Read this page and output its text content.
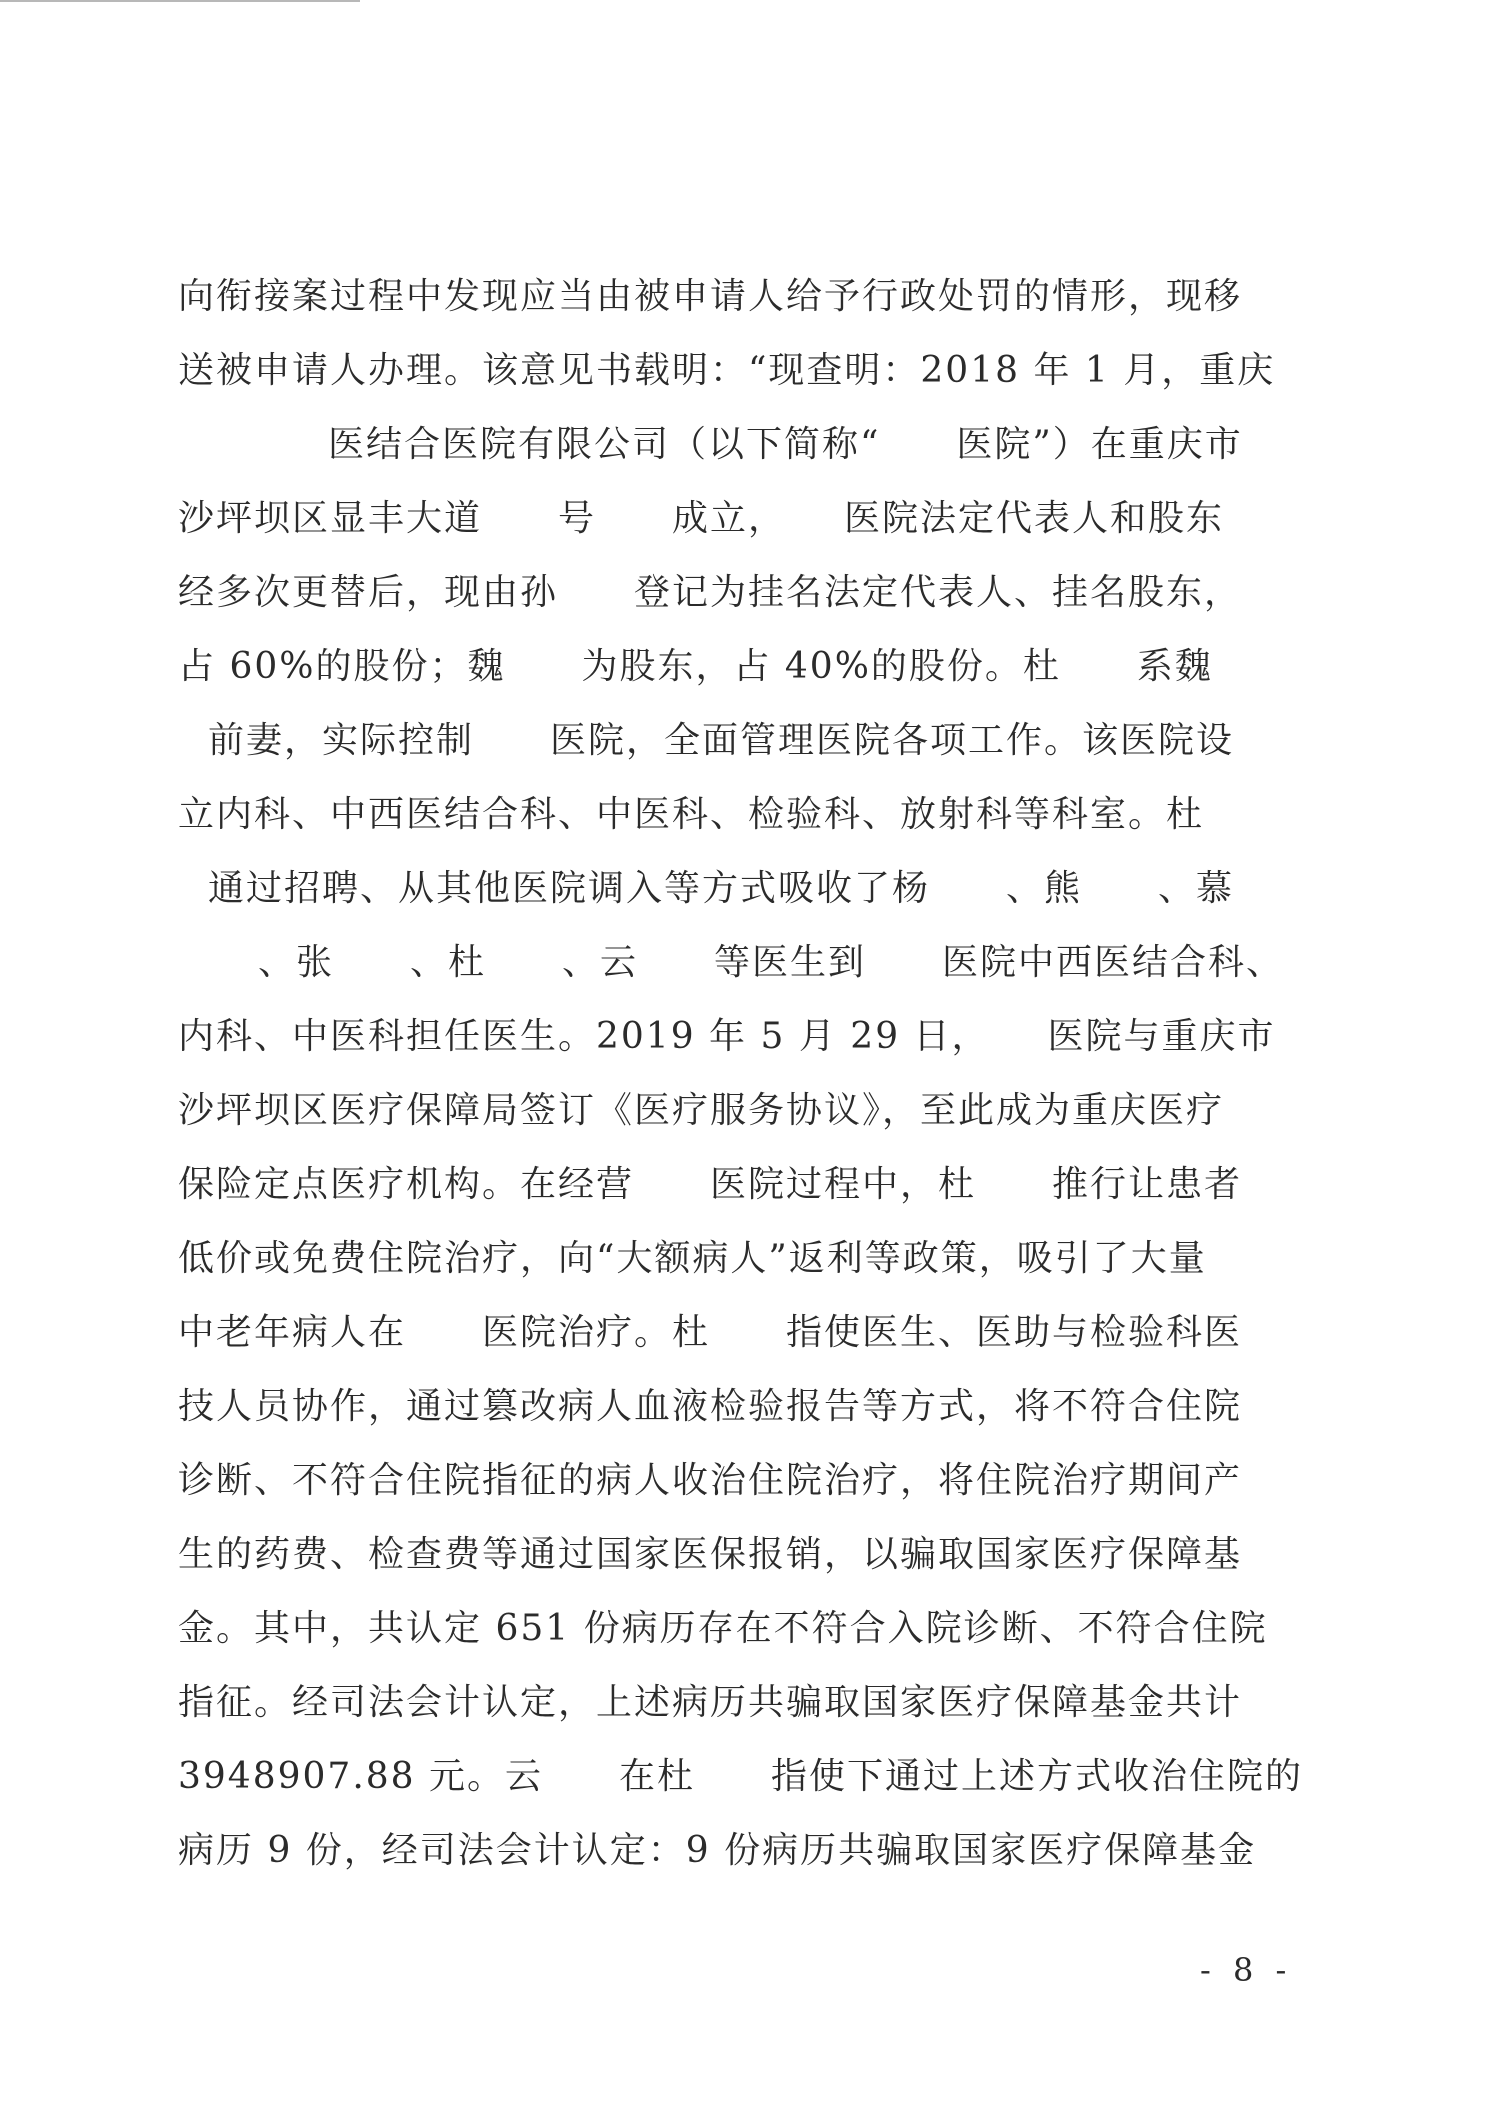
向衔接案过程中发现应当由被申请人给予行政处罚的情形，现移
送被申请人办理。该意见书载明：“现查明：2018 年 1 月，重庆
医结合医院有限公司（以下简称“　　医院”）在重庆市
沙坪坝区显丰大道　　号　　成立，　　医院法定代表人和股东
经多次更替后，现由孙　　登记为挂名法定代表人、挂名股东，
占 60%的股份；魏　　为股东，占 40%的股份。杜　　系魏
前妻，实际控制　　医院，全面管理医院各项工作。该医院设
立内科、中西医结合科、中医科、检验科、放射科等科室。杜
通过招聘、从其他医院调入等方式吸收了杨　　、熊　　、慕
、张　　、杜　　、云　　等医生到　　医院中西医结合科、
内科、中医科担任医生。2019 年 5 月 29 日，　　医院与重庆市
沙坪坝区医疗保障局签订《医疗服务协议》，至此成为重庆医疗
保险定点医疗机构。在经营　　医院过程中，杜　　推行让患者
低价或免费住院治疗，向“大额病人”返利等政策，吸引了大量
中老年病人在　　医院治疗。杜　　指使医生、医助与检验科医
技人员协作，通过篡改病人血液检验报告等方式，将不符合住院
诊断、不符合住院指征的病人收治住院治疗，将住院治疗期间产
生的药费、检查费等通过国家医保报销，以骗取国家医疗保障基
金。其中，共认定 651 份病历存在不符合入院诊断、不符合住院
指征。经司法会计认定，上述病历共骗取国家医疗保障基金共计
3948907.88 元。云　　在杜　　指使下通过上述方式收治住院的
病历 9 份，经司法会计认定：9 份病历共骗取国家医疗保障基金
- 8 -
